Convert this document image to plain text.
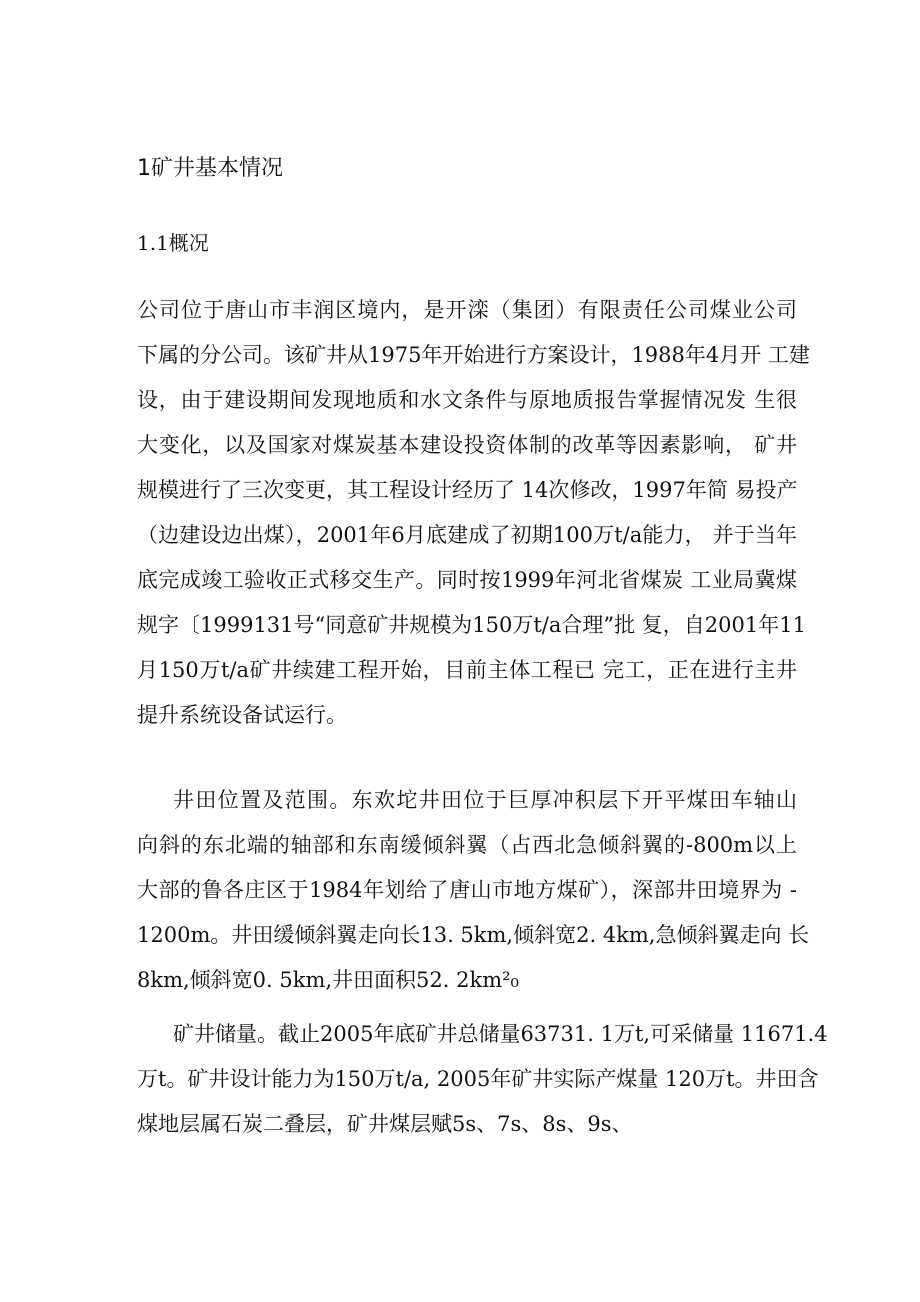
1矿井基本情况
1.1概况
公司位于唐山市丰润区境内，是开滦（集团）有限责任公司煤业公司
下属的分公司。该矿井从1975年开始进行方案设计，1988年4月开 工建
设，由于建设期间发现地质和水文条件与原地质报告掌握情况发 生很
大变化，以及国家对煤炭基本建设投资体制的改革等因素影响， 矿井
规模进行了三次变更，其工程设计经历了 14次修改，1997年简 易投产
（边建设边出煤），2001年6月底建成了初期100万t/a能力， 并于当年
底完成竣工验收正式移交生产。同时按1999年河北省煤炭 工业局冀煤
规字〔1999131号“同意矿井规模为150万t/a合理”批 复，自2001年11
月150万t/a矿井续建工程开始，目前主体工程已 完工，正在进行主井
提升系统设备试运行。
井田位置及范围。东欢坨井田位于巨厚冲积层下开平煤田车轴山
向斜的东北端的轴部和东南缓倾斜翼（占西北急倾斜翼的-800m以上
大部的鲁各庄区于1984年划给了唐山市地方煤矿），深部井田境界为 -
1200m。井田缓倾斜翼走向长13. 5km,倾斜宽2. 4km,急倾斜翼走向 长
8km,倾斜宽0. 5km,井田面积52. 2km²₀
矿井储量。截止2005年底矿井总储量63731. 1万t,可采储量 11671.4
万t。矿井设计能力为150万t/a, 2005年矿井实际产煤量 120万t。井田含
煤地层属石炭二叠层，矿井煤层赋5s、7s、8s、9s、
